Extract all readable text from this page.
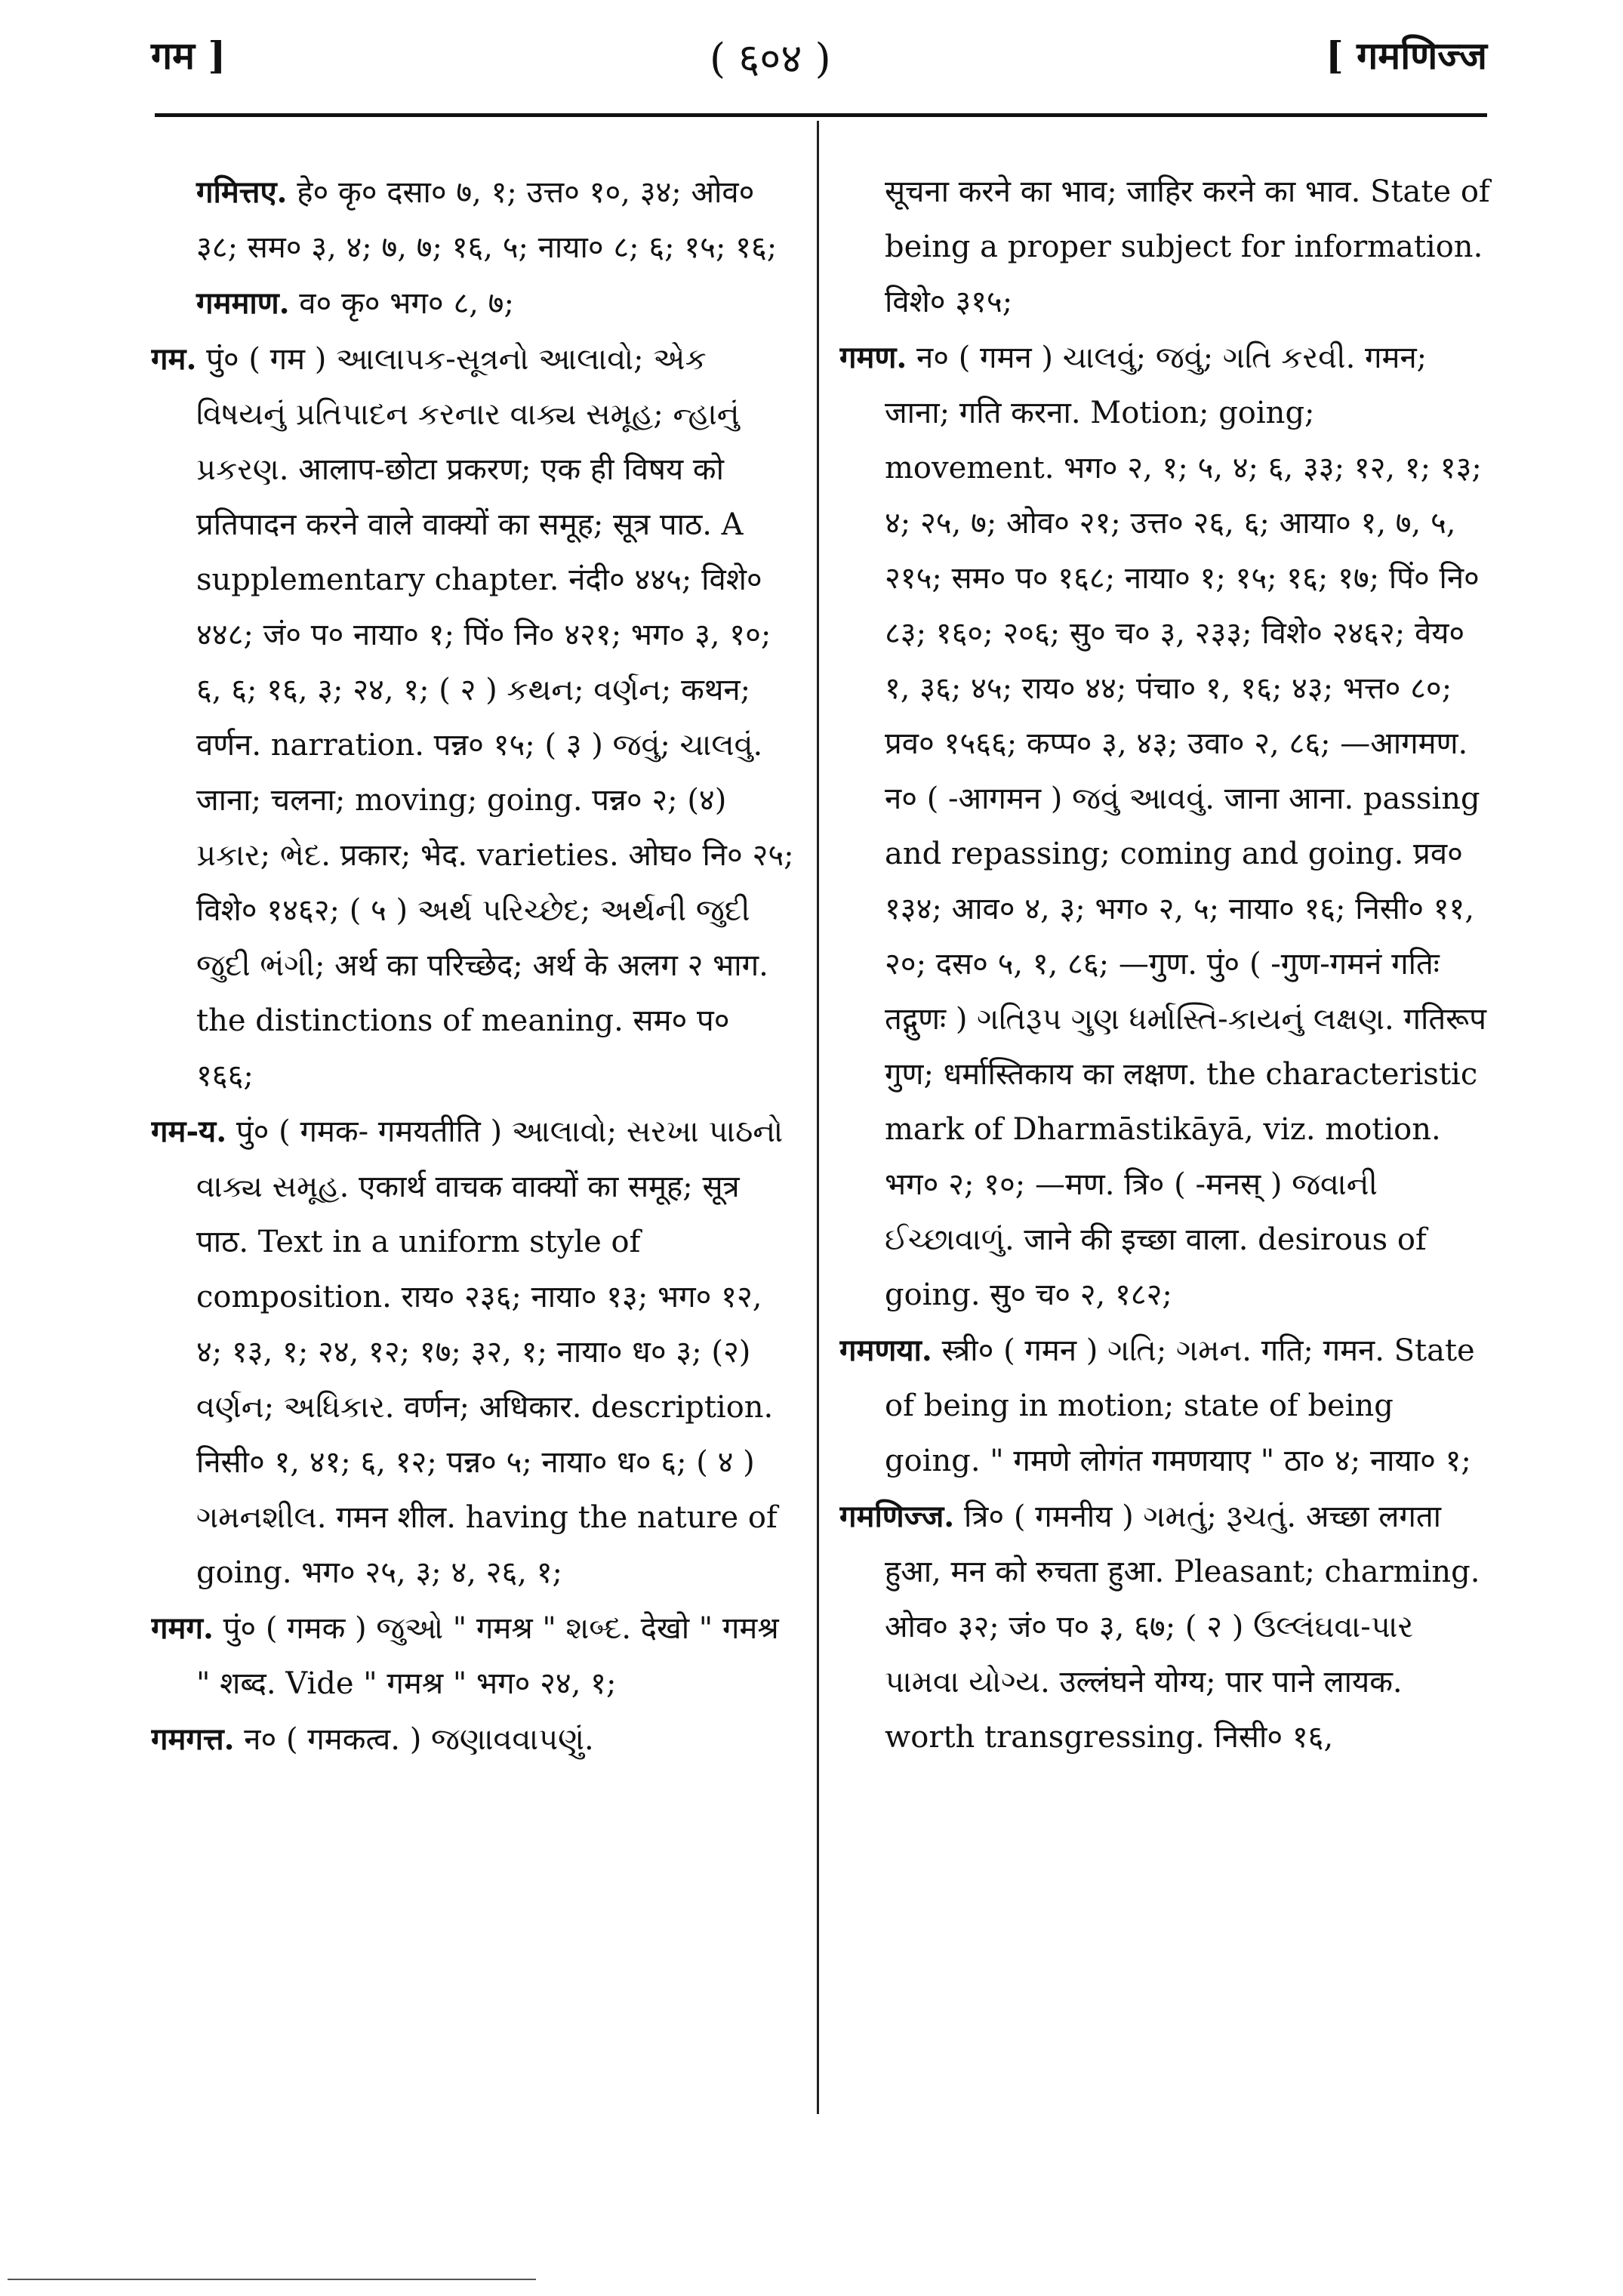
गम ]	( ६०४ )	[ गमणिज्ज

गमित्तए. हे० कृ० दसा० ७, १; उत्त० १०, ३४; ओव० ३८; सम० ३, ४; ७, ७; १६, ५; नाया० ८; ६; १५; १६;

गममाण. व० कृ० भग० ८, ७;

गम. पुं० ( गम ) આલાપક-સૂત્રનો આલાવો; એક વિષયનું પ્રતિપાદન કરનાર વાક્ય સમૂહ; ન્હાનું પ્રકરણ. आलाप-छोटा प्रकरण; एक ही विषय को प्रतिपादन करने वाले वाक्यों का समूह; सूत्र पाठ. A supplementary chapter. नंदी० ४४५; विशे० ४४८; जं० प० नाया० १; पिं० नि० ४२१; भग० ३, १०; ६, ६; १६, ३; २४, १; ( २ ) કથન; વર્ણન; कथन; वर्णन. narration. पन्न० १५; ( ३ ) જવું; ચાલવું. जाना; चलना; moving; going. पन्न० २; (४) પ્રકાર; ભેદ. प्रकार; भेद. varieties. ओघ० नि० २५; विशे० १४६२; ( ५ ) અર્થ પરિચ્છેદ; અર્થની જુદી જુદી ભંગી; अर्थ का परिच्छेद; अर्थ के अलग २ भाग. the distinctions of meaning. सम० प० १६६;

गम-य. पुं० ( गमक- गमयतीति ) આલાવો; સરખા પાઠનો વાક્ય સમૂહ. एकार्थ वाचक वाक्यों का समूह; सूत्र पाठ. Text in a uniform style of composition. राय० २३६; नाया० १३; भग० १२, ४; १३, १; २४, १२; १७; ३२, १; नाया० ध० ३; (२) વર્ણન; અધિકાર. वर्णन; अधिकार. description. निसी० १, ४१; ६, १२; पन्न० ५; नाया० ध० ६; ( ४ ) ગમનશીલ. गमन शील. having the nature of going. भग० २५, ३; ४, २६, १;

गमग. पुं० ( गमक ) જુઓ " गमश्र " શબ્દ. देखो " गमश्र " शब्द. Vide " गमश्र " भग० २४, १;

गमगत्त. न० ( गमकत्व. ) જણાવવાપણું.

सूचना करने का भाव; जाहिर करने का भाव. State of being a proper subject for information. विशे० ३१५;

गमण. न० ( गमन ) ચાલવું; જવું; ગતિ કરવી. गमन; जाना; गति करना. Motion; going; movement. भग० २, १; ५, ४; ६, ३३; १२, १; १३; ४; २५, ७; ओव० २१; उत्त० २६, ६; आया० १, ७, ५, २१५; सम० प० १६८; नाया० १; १५; १६; १७; पिं० नि० ८३; १६०; २०६; सु० च० ३, २३३; विशे० २४६२; वेय० १, ३६; ४५; राय० ४४; पंचा० १, १६; ४३; भत्त० ८०; प्रव० १५६६; कप्प० ३, ४३; उवा० २, ८६; —आगमण. न० ( -आगमन ) જવું આવવું. जाना आना. passing and repassing; coming and going. प्रव० १३४; आव० ४, ३; भग० २, ५; नाया० १६; निसी० ११, २०; दस० ५, १, ८६; —गुण. पुं० ( -गुण-गमनं गतिः तद्गुणः ) ગતિરૂપ ગુણ ધર્માસ્તિ-કાયનું લક્ષણ. गतिरूप गुण; धर्मास्तिकाय का लक्षण. the characteristic mark of Dharmāstikāyā, viz. motion. भग० २; १०; —मण. त्रि० ( -मनस् ) જવાની ઈચ્છાવાળું. जाने की इच्छा वाला. desirous of going. सु० च० २, १८२;

गमणया. स्त्री० ( गमन ) ગતિ; ગમન. गति; गमन. State of being in motion; state of being going. " गमणे लोगंत गमणयाए " ठा० ४; नाया० १;

गमणिज्ज. त्रि० ( गमनीय ) ગમતું; રૂચતું. अच्छा लगता हुआ, मन को रुचता हुआ. Pleasant; charming. ओव० ३२; जं० प० ३, ६७; ( २ ) ઉલ્લંઘવા-પાર પામવા યોગ્ય. उल्लंघने योग्य; पार पाने लायक. worth transgressing. निसी० १६,
